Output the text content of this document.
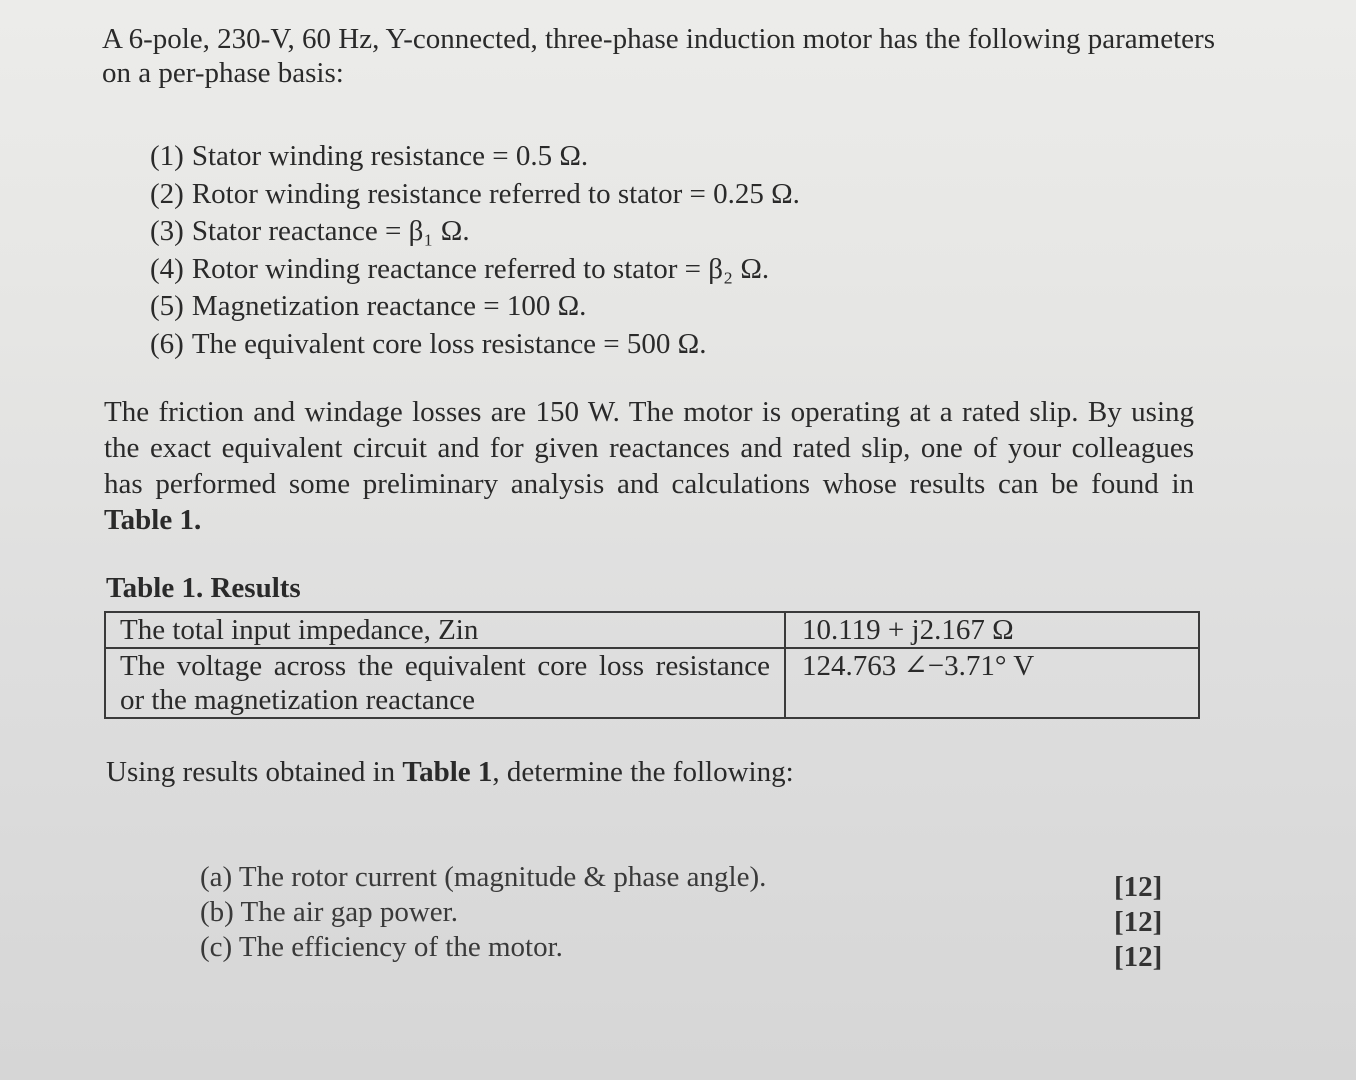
A 6-pole, 230-V, 60 Hz, Y-connected, three-phase induction motor has the following parameters on a per-phase basis:

(1) Stator winding resistance = 0.5 Ω.
(2) Rotor winding resistance referred to stator = 0.25 Ω.
(3) Stator reactance = β₁ Ω.
(4) Rotor winding reactance referred to stator = β₂ Ω.
(5) Magnetization reactance = 100 Ω.
(6) The equivalent core loss resistance = 500 Ω.

The friction and windage losses are 150 W. The motor is operating at a rated slip. By using the exact equivalent circuit and for given reactances and rated slip, one of your colleagues has performed some preliminary analysis and calculations whose results can be found in Table 1.

Table 1. Results

The total input impedance, Zin	10.119 + j2.167 Ω
The voltage across the equivalent core loss resistance or the magnetization reactance	124.763 ∠−3.71° V

Using results obtained in Table 1, determine the following:

(a) The rotor current (magnitude & phase angle).
(b) The air gap power.
(c) The efficiency of the motor.
[12]
[12]
[12]
